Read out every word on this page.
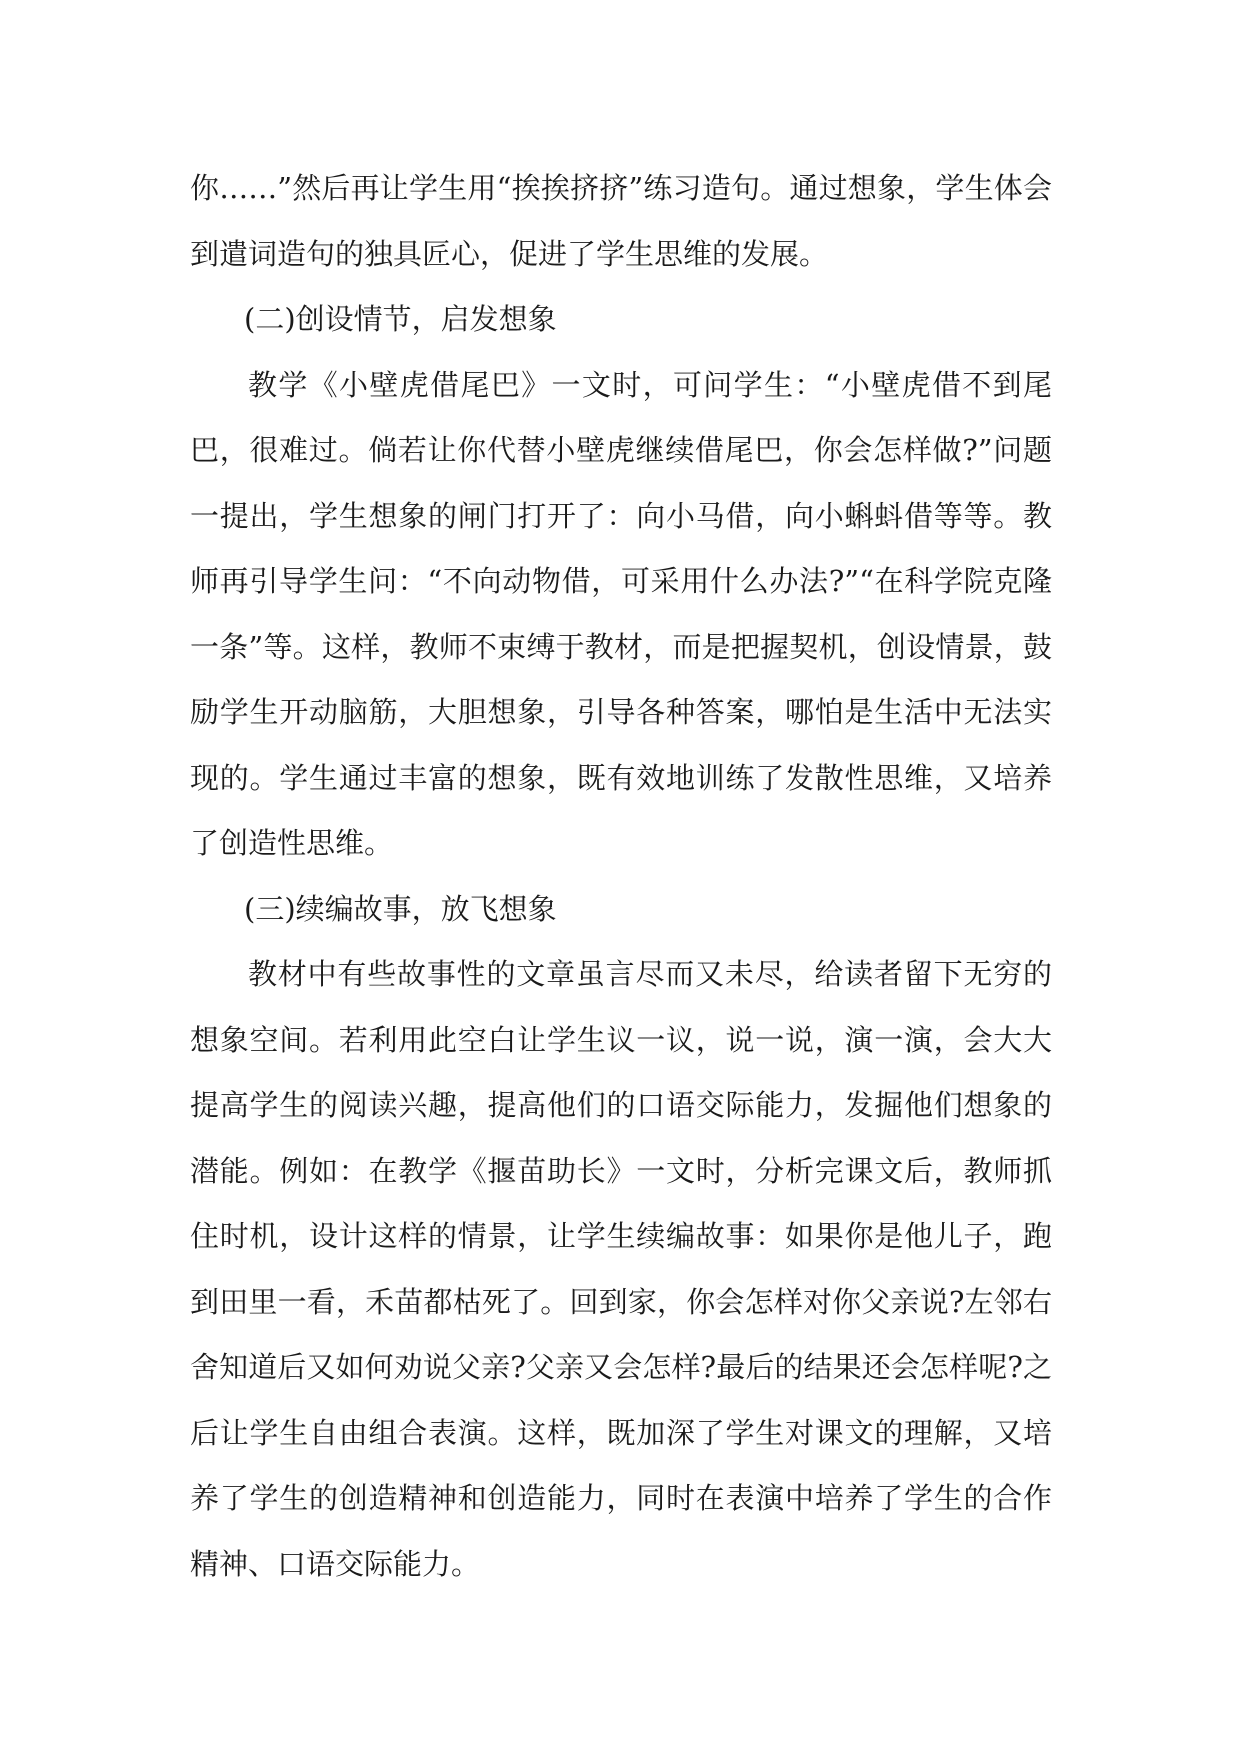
你……”然后再让学生用“挨挨挤挤”练习造句。通过想象，学生体会到遣词造句的独具匠心，促进了学生思维的发展。

(二)创设情节，启发想象

教学《小壁虎借尾巴》一文时，可问学生：“小壁虎借不到尾巴，很难过。倘若让你代替小壁虎继续借尾巴，你会怎样做?”问题一提出，学生想象的闸门打开了：向小马借，向小蝌蚪借等等。教师再引导学生问：“不向动物借，可采用什么办法?”“在科学院克隆一条”等。这样，教师不束缚于教材，而是把握契机，创设情景，鼓励学生开动脑筋，大胆想象，引导各种答案，哪怕是生活中无法实现的。学生通过丰富的想象，既有效地训练了发散性思维，又培养了创造性思维。

(三)续编故事，放飞想象

教材中有些故事性的文章虽言尽而又未尽，给读者留下无穷的想象空间。若利用此空白让学生议一议，说一说，演一演，会大大提高学生的阅读兴趣，提高他们的口语交际能力，发掘他们想象的潜能。例如：在教学《揠苗助长》一文时，分析完课文后，教师抓住时机，设计这样的情景，让学生续编故事：如果你是他儿子，跑到田里一看，禾苗都枯死了。回到家，你会怎样对你父亲说?左邻右舍知道后又如何劝说父亲?父亲又会怎样?最后的结果还会怎样呢?之后让学生自由组合表演。这样，既加深了学生对课文的理解，又培养了学生的创造精神和创造能力，同时在表演中培养了学生的合作精神、口语交际能力。
